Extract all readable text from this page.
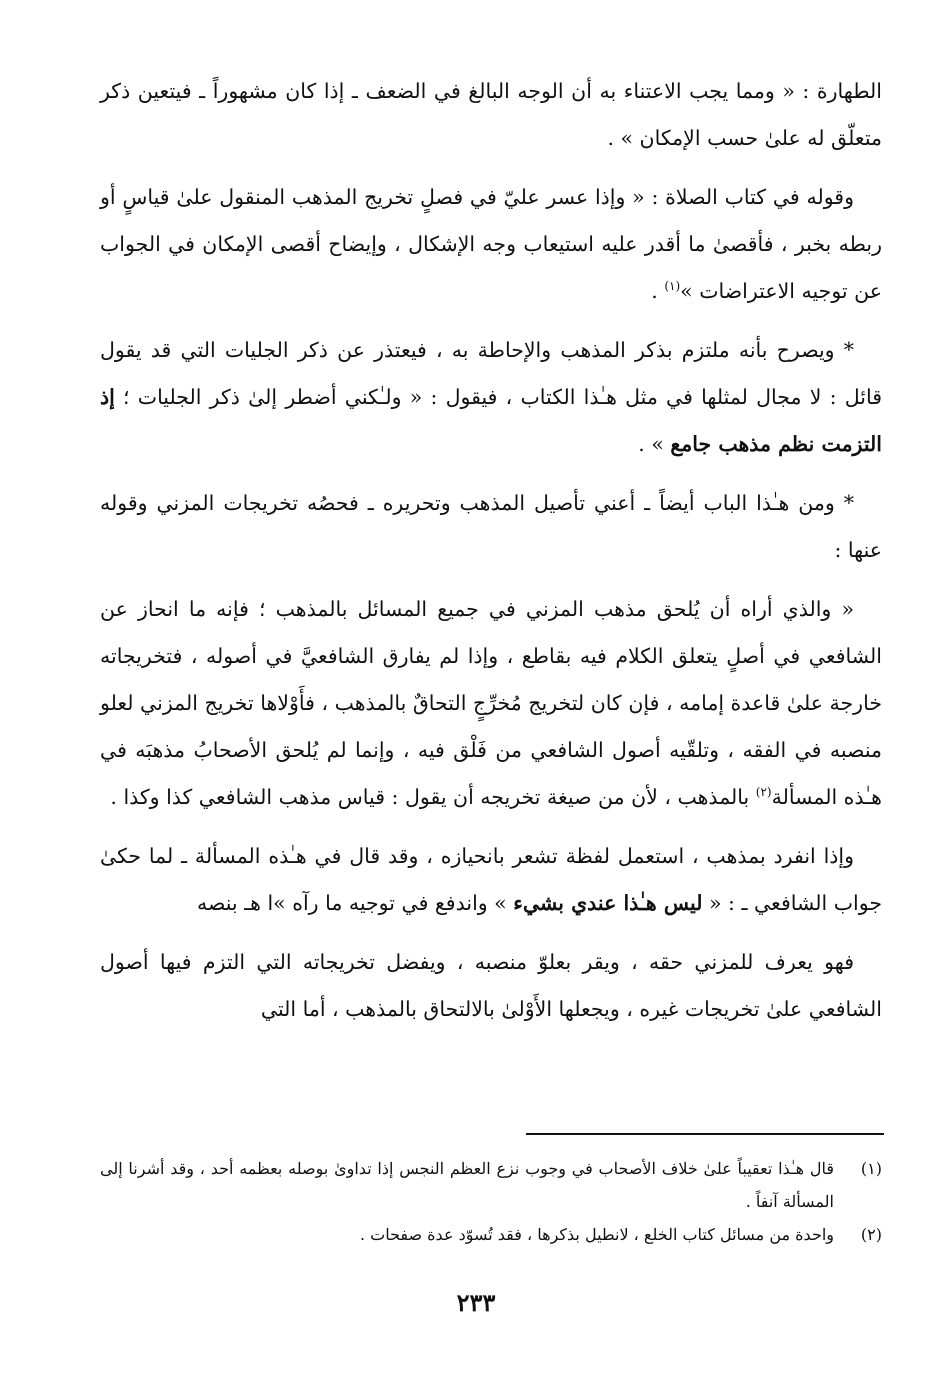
الطهارة : « ومما يجب الاعتناء به أن الوجه البالغ في الضعف ـ إذا كان مشهوراً ـ فيتعين ذكر متعلّق له علىٰ حسب الإمكان » .

وقوله في كتاب الصلاة : « وإذا عسر عليّ في فصلٍ تخريج المذهب المنقول علىٰ قياسٍ أو ربطه بخبر ، فأقصىٰ ما أقدر عليه استيعاب وجه الإشكال ، وإيضاح أقصى الإمكان في الجواب عن توجيه الاعتراضات »$^{(١)}$ .

* ويصرح بأنه ملتزم بذكر المذهب والإحاطة به ، فيعتذر عن ذكر الجليات التي قد يقول قائل : لا مجال لمثلها في مثل هـٰذا الكتاب ، فيقول : « ولـٰكني أضطر إلىٰ ذكر الجليات ؛ إذ التزمت نظم مذهب جامع » .

* ومن هـٰذا الباب أيضاً ـ أعني تأصيل المذهب وتحريره ـ فحصُه تخريجات المزني وقوله عنها :

« والذي أراه أن يُلحق مذهب المزني في جميع المسائل بالمذهب ؛ فإنه ما انحاز عن الشافعي في أصلٍ يتعلق الكلام فيه بقاطع ، وإذا لم يفارق الشافعيَّ في أصوله ، فتخريجاته خارجة علىٰ قاعدة إمامه ، فإن كان لتخريج مُخرِّجٍ التحاقٌ بالمذهب ، فأَوْلاها تخريج المزني لعلو منصبه في الفقه ، وتلقّيه أصول الشافعي من فَلْق فيه ، وإنما لم يُلحق الأصحابُ مذهبَه في هـٰذه المسألة$^{(٢)}$ بالمذهب ، لأن من صيغة تخريجه أن يقول : قياس مذهب الشافعي كذا وكذا .

وإذا انفرد بمذهب ، استعمل لفظة تشعر بانحيازه ، وقد قال في هـٰذه المسألة ـ لما حكىٰ جواب الشافعي ـ : « ليس هـٰذا عندي بشيء » واندفع في توجيه ما رآه »ا هـ بنصه

فهو يعرف للمزني حقه ، ويقر بعلوّ منصبه ، ويفضل تخريجاته التي التزم فيها أصول الشافعي علىٰ تخريجات غيره ، ويجعلها الأَوْلىٰ بالالتحاق بالمذهب ، أما التي

(١)
قال هـٰذا تعقيباً علىٰ خلاف الأصحاب في وجوب نزع العظم النجس إذا تداوىٰ بوصله بعظمه أحد ، وقد أشرنا إلى المسألة آنفاً .
(٢)
واحدة من مسائل كتاب الخلع ، لانطيل بذكرها ، فقد تُسوّد عدة صفحات .
٢٣٣
